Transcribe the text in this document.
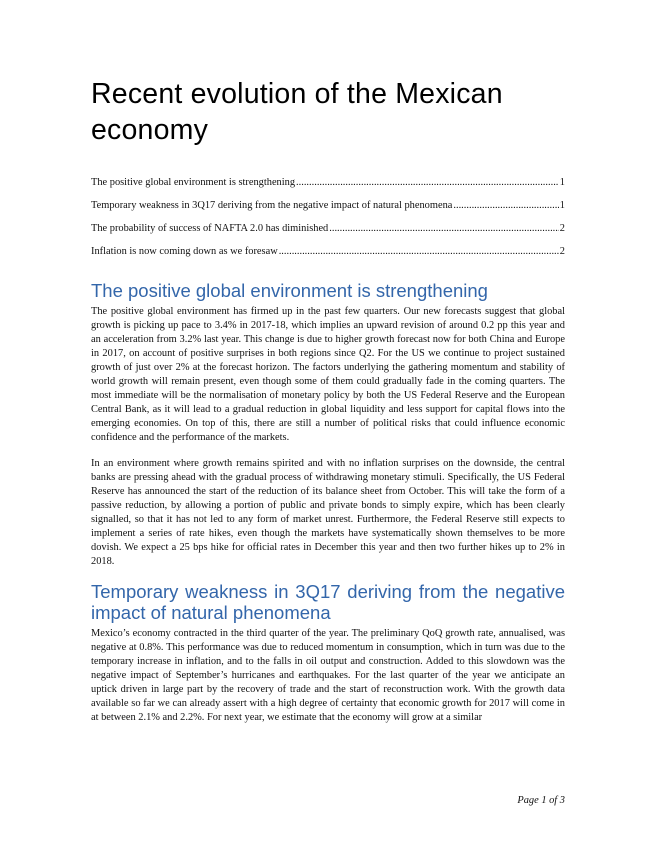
Recent evolution of the Mexican economy
The positive global environment is strengthening .....	1
Temporary weakness in 3Q17 deriving from the negative impact of natural phenomena .....	1
The probability of success of NAFTA 2.0 has diminished .....	2
Inflation is now coming down as we foresaw .....	2
The positive global environment is strengthening

The positive global environment has firmed up in the past few quarters. Our new forecasts suggest that global growth is picking up pace to 3.4% in 2017-18, which implies an upward revision of around 0.2 pp this year and an acceleration from 3.2% last year. This change is due to higher growth forecast now for both China and Europe in 2017, on account of positive surprises in both regions since Q2. For the US we continue to project sustained growth of just over 2% at the forecast horizon. The factors underlying the gathering momentum and stability of world growth will remain present, even though some of them could gradually fade in the coming quarters. The most immediate will be the normalisation of monetary policy by both the US Federal Reserve and the European Central Bank, as it will lead to a gradual reduction in global liquidity and less support for capital flows into the emerging economies. On top of this, there are still a number of political risks that could influence economic confidence and the performance of the markets.

In an environment where growth remains spirited and with no inflation surprises on the downside, the central banks are pressing ahead with the gradual process of withdrawing monetary stimuli. Specifically, the US Federal Reserve has announced the start of the reduction of its balance sheet from October. This will take the form of a passive reduction, by allowing a portion of public and private bonds to simply expire, which has been clearly signalled, so that it has not led to any form of market unrest. Furthermore, the Federal Reserve still expects to implement a series of rate hikes, even though the markets have systematically shown themselves to be more dovish. We expect a 25 bps hike for official rates in December this year and then two further hikes up to 2% in 2018.

Temporary weakness in 3Q17 deriving from the negative impact of natural phenomena

Mexico’s economy contracted in the third quarter of the year. The preliminary QoQ growth rate, annualised, was negative at 0.8%. This performance was due to reduced momentum in consumption, which in turn was due to the temporary increase in inflation, and to the falls in oil output and construction. Added to this slowdown was the negative impact of September’s hurricanes and earthquakes. For the last quarter of the year we anticipate an uptick driven in large part by the recovery of trade and the start of reconstruction work. With the growth data available so far we can already assert with a high degree of certainty that economic growth for 2017 will come in at between 2.1% and 2.2%. For next year, we estimate that the economy will grow at a similar

Page 1 of 3
